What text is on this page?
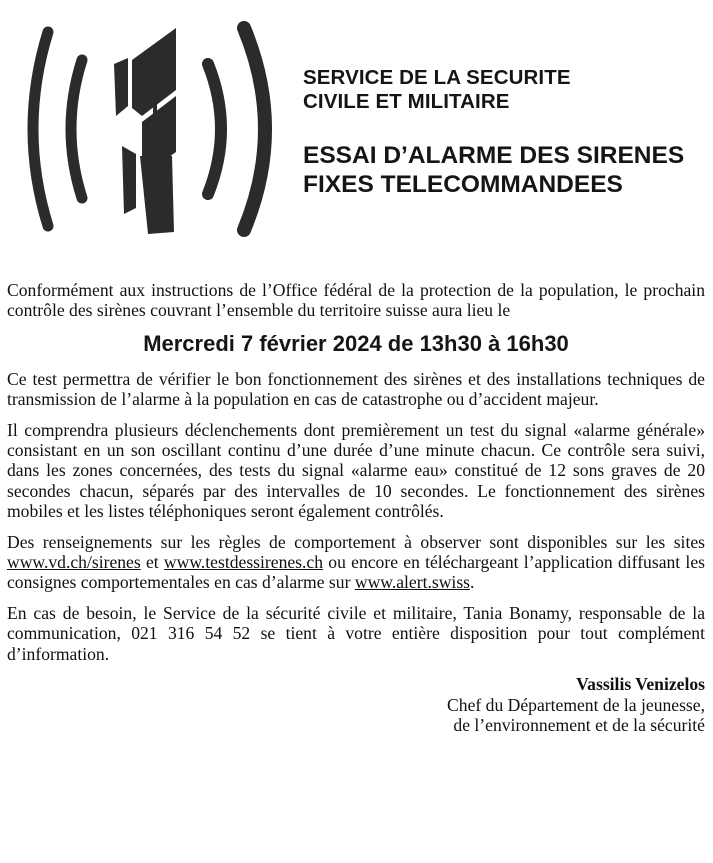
SERVICE DE LA SECURITE
CIVILE ET MILITAIRE
ESSAI D’ALARME DES SIRENES
FIXES TELECOMMANDEES

Conformément aux instructions de l’Office fédéral de la protection de la population, le prochain contrôle des sirènes couvrant l’ensemble du territoire suisse aura lieu le

Mercredi 7 février 2024 de 13h30 à 16h30

Ce test permettra de vérifier le bon fonctionnement des sirènes et des installations techniques de transmission de l’alarme à la population en cas de catastrophe ou d’accident majeur.

Il comprendra plusieurs déclenchements dont premièrement un test du signal «alarme générale» consistant en un son oscillant continu d’une durée d’une minute chacun. Ce contrôle sera suivi, dans les zones concernées, des tests du signal «alarme eau» constitué de 12 sons graves de 20 secondes chacun, séparés par des intervalles de 10 secondes. Le fonctionnement des sirènes mobiles et les listes téléphoniques seront également contrôlés.

Des renseignements sur les règles de comportement à observer sont disponibles sur les sites www.vd.ch/sirenes et www.testdessirenes.ch ou encore en téléchargeant l’application diffusant les consignes comportementales en cas d’alarme sur www.alert.swiss.

En cas de besoin, le Service de la sécurité civile et militaire, Tania Bonamy, responsable de la communication, 021 316 54 52 se tient à votre entière disposition pour tout complément d’information.

Vassilis Venizelos
Chef du Département de la jeunesse,
de l’environnement et de la sécurité
